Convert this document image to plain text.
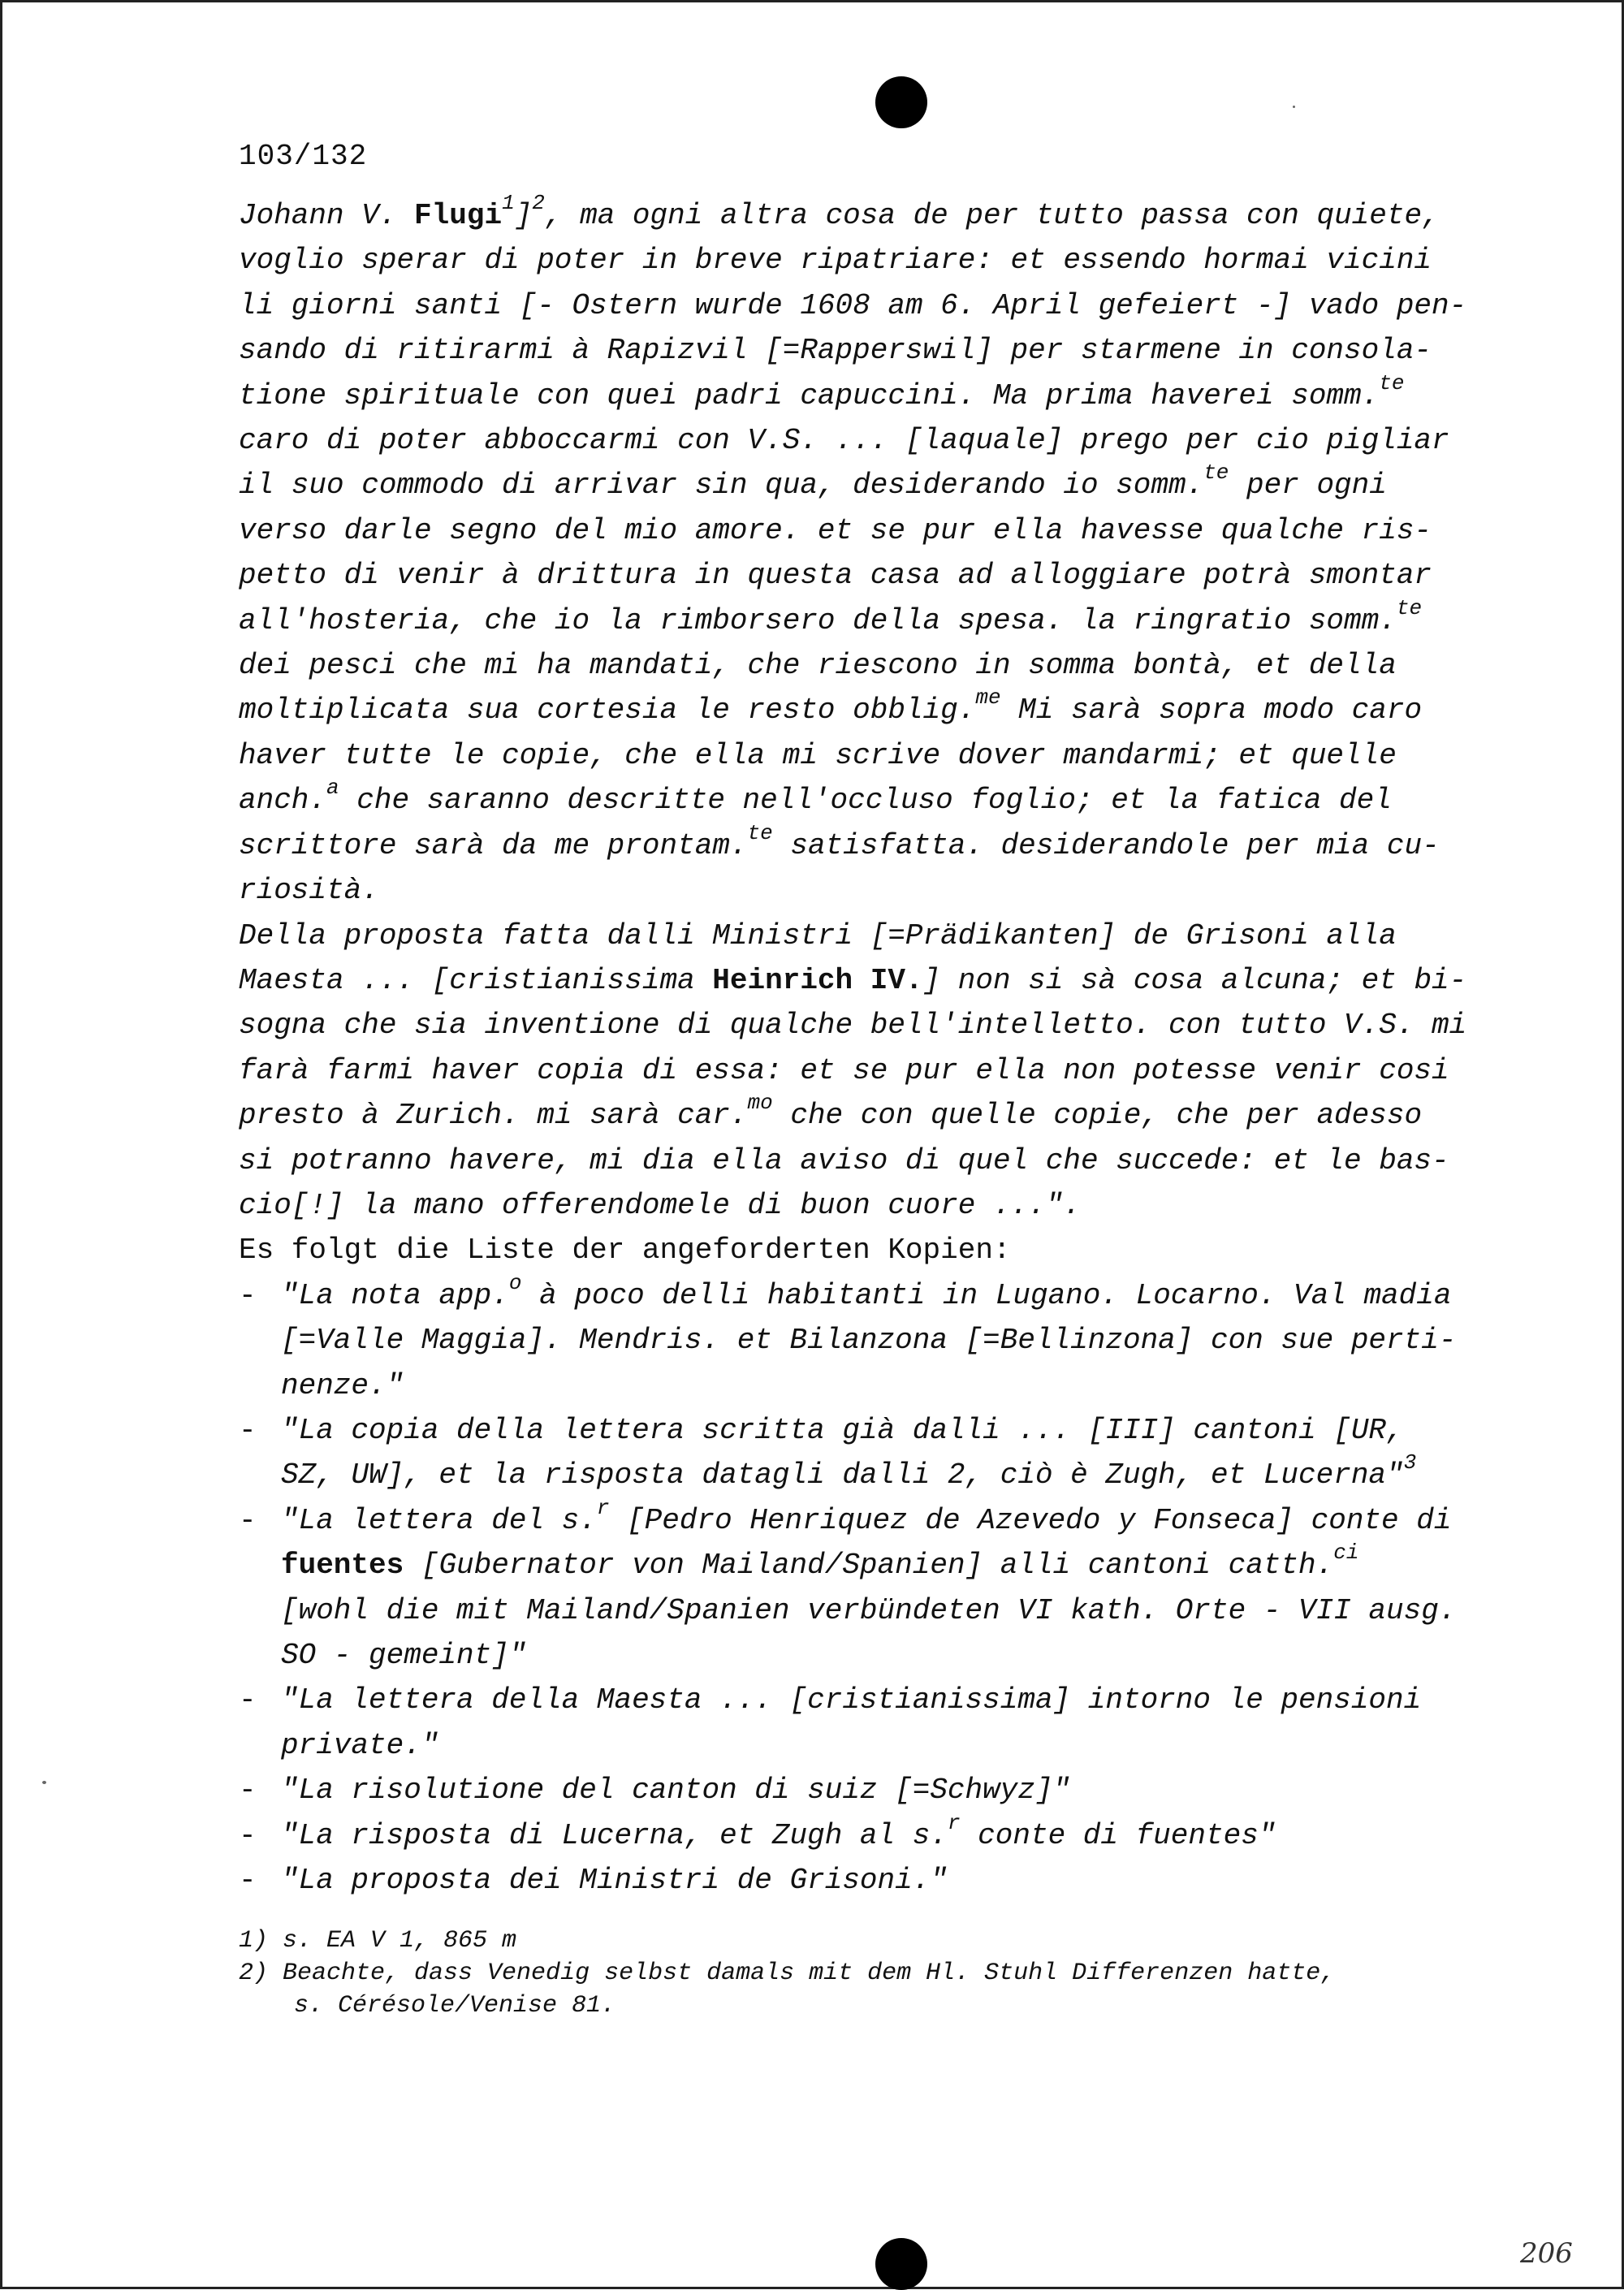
103/132
Johann V. Flugi$^1$]$^2$, ma ogni altra cosa de per tutto passa con quiete,
voglio sperar di poter in breve ripatriare: et essendo hormai vicini
li giorni santi [- Ostern wurde 1608 am 6. April gefeiert -] vado pen-
sando di ritirarmi à Rapizvil [=Rapperswil] per starmene in consola-
tione spirituale con quei padri capuccini. Ma prima haverei somm.$^{te}$
caro di poter abboccarmi con V.S. ... [laquale] prego per cio pigliar
il suo commodo di arrivar sin qua, desiderando io somm.$^{te}$ per ogni
verso darle segno del mio amore. et se pur ella havesse qualche ris-
petto di venir à drittura in questa casa ad alloggiare potrà smontar
all'hosteria, che io la rimborsero della spesa. la ringratio somm.$^{te}$
dei pesci che mi ha mandati, che riescono in somma bontà, et della
moltiplicata sua cortesia le resto obblig.$^{me}$ Mi sarà sopra modo caro
haver tutte le copie, che ella mi scrive dover mandarmi; et quelle
anch.$^a$ che saranno descritte nell'occluso foglio; et la fatica del
scrittore sarà da me prontam.$^{te}$ satisfatta. desiderandole per mia cu-
riosità.
Della proposta fatta dalli Ministri [=Prädikanten] de Grisoni alla
Maesta ... [cristianissima Heinrich IV.] non si sà cosa alcuna; et bi-
sogna che sia inventione di qualche bell'intelletto. con tutto V.S. mi
farà farmi haver copia di essa: et se pur ella non potesse venir cosi
presto à Zurich. mi sarà car.$^{mo}$ che con quelle copie, che per adesso
si potranno havere, mi dia ella aviso di quel che succede: et le bas-
cio[!] la mano offerendomele di buon cuore ...".
Es folgt die Liste der angeforderten Kopien:
- "La nota app.$^o$ à poco delli habitanti in Lugano. Locarno. Val madia
[=Valle Maggia]. Mendris. et Bilanzona [=Bellinzona] con sue perti-
nenze."
- "La copia della lettera scritta già dalli ... [III] cantoni [UR,
SZ, UW], et la risposta datagli dalli 2, ciò è Zugh, et Lucerna"$^3$
- "La lettera del s.$^r$ [Pedro Henriquez de Azevedo y Fonseca] conte di
fuentes [Gubernator von Mailand/Spanien] alli cantoni catth.$^{ci}$
[wohl die mit Mailand/Spanien verbündeten VI kath. Orte - VII ausg.
SO - gemeint]"
- "La lettera della Maesta ... [cristianissima] intorno le pensioni
private."
- "La risolutione del canton di suiz [=Schwyz]"
- "La risposta di Lucerna, et Zugh al s.$^r$ conte di fuentes"
- "La proposta dei Ministri de Grisoni."
1) s. EA V 1, 865 m
2) Beachte, dass Venedig selbst damals mit dem Hl. Stuhl Differenzen hatte,
s. Cérésole/Venise 81.
206
